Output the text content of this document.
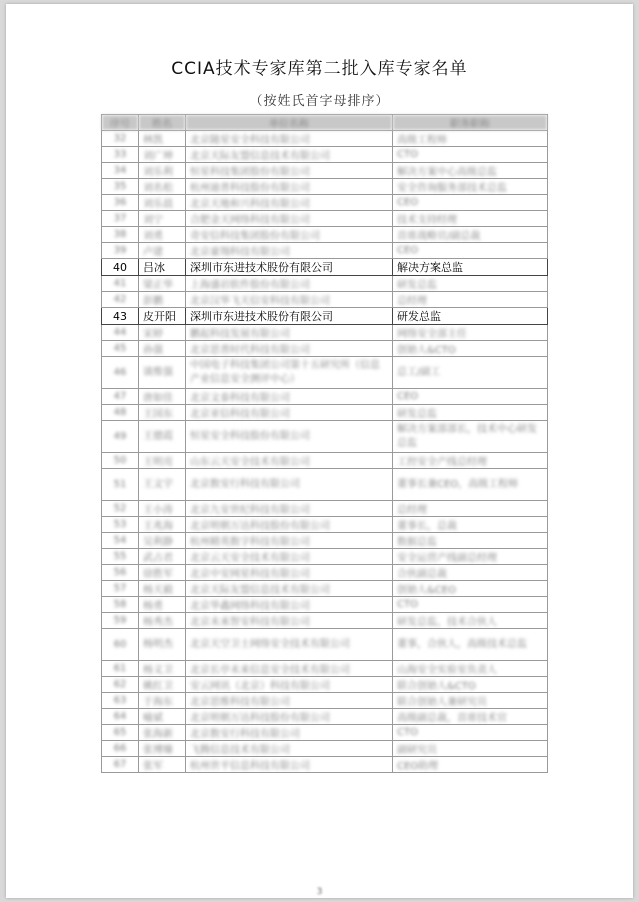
CCIA技术专家库第二批入库专家名单
（按姓氏首字母排序）
序号	姓名	单位名称	职务职称
32	林凯	北京随星安全科技有限公司	高级工程师
33	刘广坤	北京天际友盟信息技术有限公司	CTO
34	刘乐利	恒星科技集团股份有限公司	解决方案中心高级总监
35	刘名松	杭州迪普科技股份有限公司	安全咨询服务部技术总监
36	刘乐晨	北京天地和兴科技有限公司	CEO
37	刘宁	合肥金天网络科技有限公司	技术支持经理
38	刘勇	奇安信科技集团股份有限公司	首席战略官/副总裁
39	卢建	北京豪翔科技有限公司	CEO
40	吕冰	深圳市东进技术股份有限公司	解决方案总监
41	梁正华	上海盛岩软件股份有限公司	研发总监
42	彭鹏	北京汉华飞天信安科技有限公司	总经理
43	皮开阳	深圳市东进技术股份有限公司	研发总监
44	宋婷	鹏起科技发展有限公司	网络安全部主任
45	孙强	北京思普时代科技有限公司	创始人&CTO
46	谈维强	中国电子科技集团公司第十五研究所（信息产业信息安全测评中心）	总工/副工
47	唐如佳	北京文泰科技有限公司	CEO
48	王国东	北京亚信科技有限公司	研发总监
49	王德霞	恒星安全科技股份有限公司	解决方案部部长，技术中心研发总监
50	王明亮	山东云天安全技术有限公司	工控安全产线总经理
51	王文宇	北京数安行科技有限公司	董事长兼CEO，高级工程师
52	王小涛	北京九安世纪科技有限公司	总经理
53	王兆海	北京明朝万达科技股份有限公司	董事长，总裁
54	吴利静	杭州精英数字科技有限公司	数据总监
55	武占君	北京云天安全技术有限公司	安全运营产线副总经理
56	徐胜军	北京中安网星科技有限公司	合伙副总裁
57	杨天毅	北京天际友盟信息技术有限公司	创始人&CEO
58	杨勇	北京华鑫网络科技有限公司	CTO
59	杨秀杰	北京未来智安科技有限公司	研发总监，技术合伙人
60	杨明杰	北京天空卫士网络安全技术有限公司	董事，合伙人，高级技术总监
61	杨义卫	北京长亭未来信息安全技术有限公司	山海安全实验室负责人
62	姚红卫	安云网讯（北京）科技有限公司	联合创始人&CTO
63	于海东	北京思维科技有限公司	联合创始人兼研究员
64	喻斌	北京明朝万达科技股份有限公司	高级副总裁，首席技术官
65	张海新	北京数安行科技有限公司	CTO
66	张博臻	飞腾信息技术有限公司	副研究员
67	张军	杭州世平信息科技有限公司	CEO助理
3
